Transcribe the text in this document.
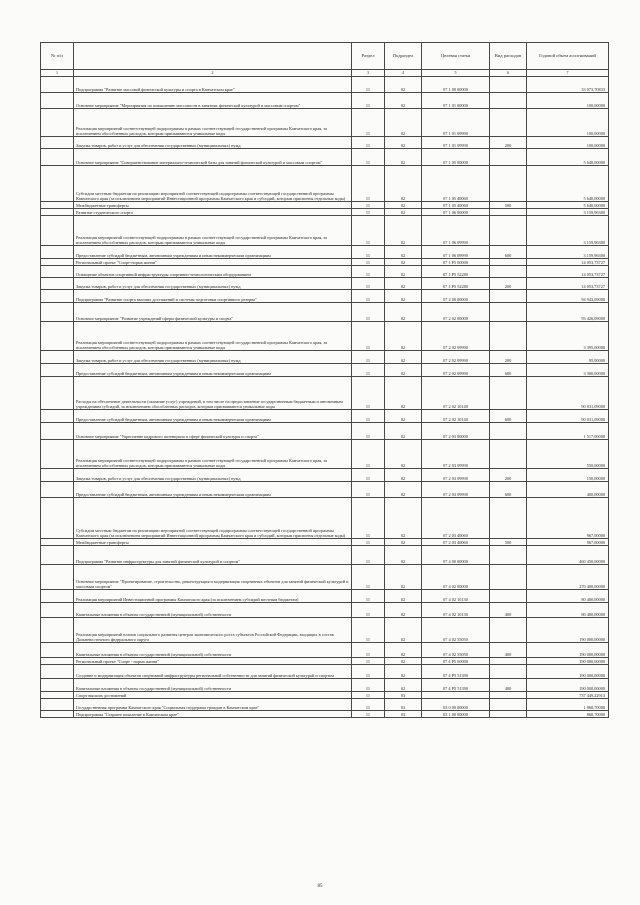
№ п/п		Раздел	Подраздел	Целевая статья	Вид расходов	Годовой объем ассигнований
1	2	3	4	5	6	7
	Подпрограмма "Развитие массовой физической культуры и спорта в Камчатском крае"	11	02	07 1 00 00000		33 073,70833
	Основное мероприятие "Мероприятия по повышению массовости в занятиях физической культурой и массовым спортом"	11	02	07 1 01 00000		100,00000
	Реализация мероприятий соответствующей подпрограммы в рамках соответствующей государственной программы Камчатского края, за исключением обособленных расходов, которым присваиваются уникальные коды	11	02	07 1 01 09990		100,00000
	Закупка товаров, работ и услуг для обеспечения государственных (муниципальных) нужд	11	02	07 1 01 09990	200	100,00000
	Основное мероприятие "Совершенствование материально-технической базы для занятий физической культурой и массовым спортом"	11	02	07 1 05 00000		5 640,00000
	Субсидии местным бюджетам на реализацию мероприятий соответствующей подпрограммы соответствующей государственной программы Камчатского края (за исключением мероприятий Инвестиционной программы Камчатского края и субсидий, которым присвоены отдельные коды)	11	02	07 1 05 40060		5 640,00000
	Межбюджетные трансферты	11	02	07 1 05 40060	500	5 640,00000
	Развитие студенческого спорта	11	02	07 1 06 00000		3 159,96300
	Реализация мероприятий соответствующей подпрограммы в рамках соответствующей государственной программы Камчатского края, за исключением обособленных расходов, которым присваиваются уникальные коды	11	02	07 1 06 09990		3 159,96300
	Предоставление субсидий бюджетным, автономным учреждениям и иным некоммерческим организациям	11	02	07 1 06 09990	600	3 159,96300
	Региональный проект "Спорт-норма жизни"	11	02	07 1 P5 00000		14 053,73727
	Оснащение объектов спортивной инфраструктуры спортивно-технологическим оборудованием	11	02	07 1 P5 52280		14 053,73727
	Закупка товаров, работ и услуг для обеспечения государственных (муниципальных) нужд	11	02	07 1 P5 52280	200	14 053,73727
	Подпрограмма "Развитие спорта высших достижений и системы подготовки спортивного резерва"	11	02	07 2 00 00000		94 943,09000
	Основное мероприятие "Развитие учреждений сферы физической культуры и спорта"	11	02	07 2 02 00000		93 426,09000
	Реализация мероприятий соответствующей подпрограммы в рамках соответствующей государственной программы Камчатского края, за исключением обособленных расходов, которым присваиваются уникальные коды	11	02	07 2 02 09990		3 395,00000
	Закупка товаров, работ и услуг для обеспечения государственных (муниципальных) нужд	11	02	07 2 02 09990	200	95,00000
	Предоставление субсидий бюджетным, автономным учреждениям и иным некоммерческим организациям	11	02	07 2 02 09990	600	3 300,00000
	Расходы на обеспечение деятельности (оказание услуг) учреждений, в том числе на предоставление государственным бюджетным и автономным учреждениям субсидий, за исключением обособленных расходов, которым присваиваются уникальные коды	11	02	07 2 02 10140		90 031,09000
	Предоставление субсидий бюджетным, автономным учреждениям и иным некоммерческим организациям	11	02	07 2 02 10140	600	90 031,09000
	Основное мероприятие "Укрепление кадрового потенциала в сфере физической культуры и спорта"	11	02	07 2 03 00000		1 517,00000
	Реализация мероприятий соответствующей подпрограммы в рамках соответствующей государственной программы Камчатского края, за исключением обособленных расходов, которым присваиваются уникальные коды	11	02	07 2 03 09990		550,00000
	Закупка товаров, работ и услуг для обеспечения государственных (муниципальных) нужд	11	02	07 2 03 09990	200	150,00000
	Предоставление субсидий бюджетным, автономным учреждениям и иным некоммерческим организациям	11	02	07 2 03 09990	600	400,00000
	Субсидии местным бюджетам на реализацию мероприятий соответствующей подпрограммы соответствующей государственной программы Камчатского края (за исключением мероприятий Инвестиционной программы Камчатского края и субсидий, которым присвоены отдельные коды)	11	02	07 2 03 40060		967,00000
	Межбюджетные трансферты	11	02	07 2 03 40060	500	967,00000
	Подпрограмма "Развитие инфраструктуры для занятий физической культурой и спортом"	11	02	07 4 00 00000		460 450,00000
	Основное мероприятие "Проектирование, строительство, реконструкция и модернизация спортивных объектов для занятий физической культурой и массовым спортом"	11	02	07 4 02 00000		270 400,00000
	Реализация мероприятий Инвестиционной программы Камчатского края (за исключением субсидий местным бюджетам)	11	02	07 4 02 10130		80 400,00000
	Капитальные вложения в объекты государственной (муниципальной) собственности	11	02	07 4 02 10130	400	80 400,00000
	Реализация мероприятий планов социального развития центров экономического роста субъектов Российской Федерации, входящих в состав Дальневосточного федерального округа	11	02	07 4 02 55050		190 000,00000
	Капитальные вложения в объекты государственной (муниципальной) собственности	11	02	07 4 02 55050	400	190 000,00000
	Региональный проект "Спорт - норма жизни"	11	02	07 4 P5 00000		190 000,00000
	Создание и модернизация объектов спортивной инфраструктуры региональной собственности для занятий физической культурой и спортом	11	02	07 4 P5 51390		190 000,00000
	Капитальные вложения в объекты государственной (муниципальной) собственности	11	02	07 4 P5 51390	400	190 000,00000
	Спорт высших достижений	11	03			737 449,22913
	Государственная программа Камчатского края "Социальная поддержка граждан в Камчатском крае"	11	03	03 0 00 00000		1 968,70000
	Подпрограмма "Старшее поколение в Камчатском крае"	11	03	03 1 00 00000		868,70000
85
